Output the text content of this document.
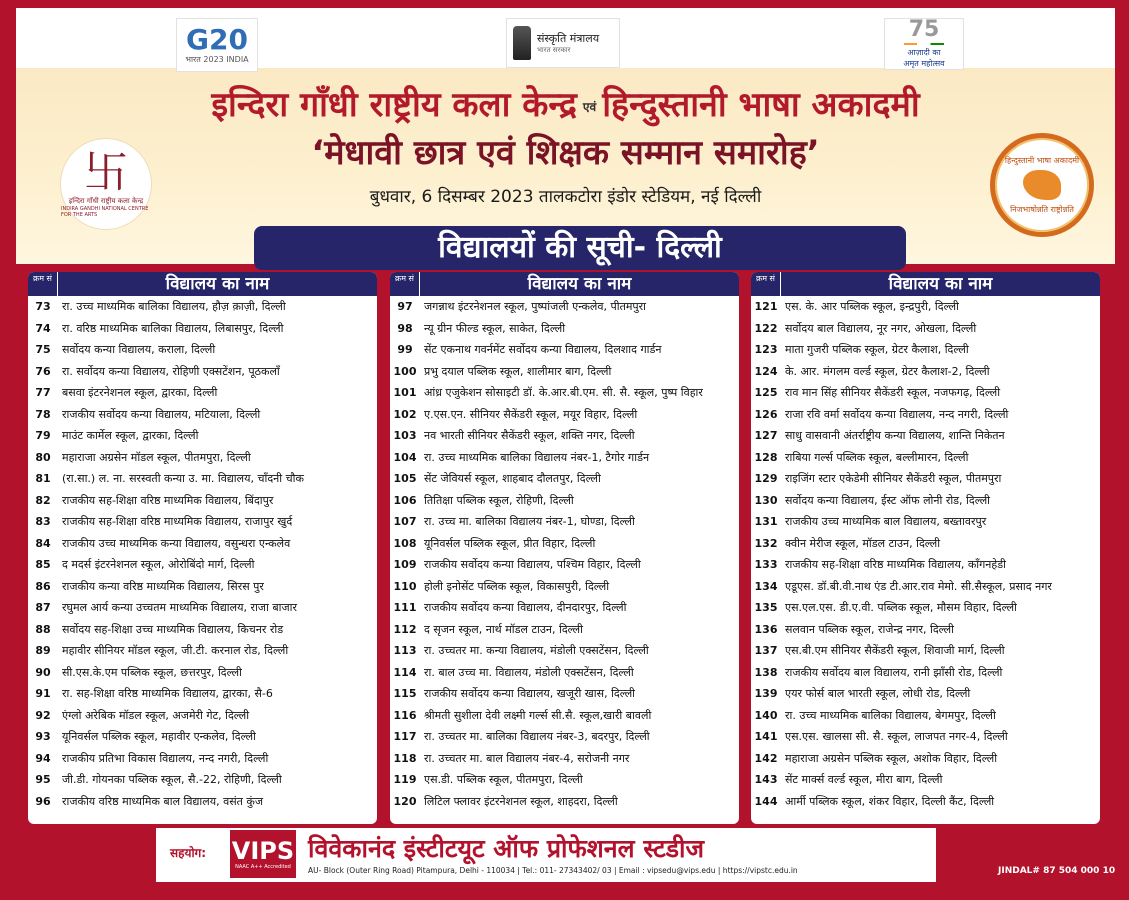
G20
भारत 2023 INDIA
संस्कृति मंत्रालय
भारत सरकार
75
आज़ादी का
अमृत महोत्सव
इन्दिरा गाँधी राष्ट्रीय कला केन्द्र एवं हिन्दुस्तानी भाषा अकादमी
‘मेधावी छात्र एवं शिक्षक सम्मान समारोह’
बुधवार, 6 दिसम्बर 2023 तालकटोरा इंडोर स्टेडियम, नई दिल्ली
卐
इन्दिरा गाँधी राष्ट्रीय कला केन्द्र
INDIRA GANDHI NATIONAL CENTRE FOR THE ARTS
हिन्दुस्तानी भाषा अकादमी
निजभाषोन्नति राष्ट्रोन्नति
विद्यालयों की सूची- दिल्ली
क्रम सं	विद्यालय का नाम
73	रा. उच्च माध्यमिक बालिका विद्यालय, हौज़ क़ाज़ी, दिल्ली
74	रा. वरिष्ठ माध्यमिक बालिका विद्यालय, लिबासपुर, दिल्ली
75	सर्वोदय कन्या विद्यालय, कराला, दिल्ली
76	रा. सर्वोदय कन्या विद्यालय, रोहिणी एक्सटेंशन, पूठकलाँ
77	बसवा इंटरनेशनल स्कूल, द्वारका, दिल्ली
78	राजकीय सर्वोदय कन्या विद्यालय, मटियाला, दिल्ली
79	माउंट कार्मेल स्कूल, द्वारका, दिल्ली
80	महाराजा अग्रसेन मॉडल स्कूल, पीतमपुरा, दिल्ली
81	(रा.सा.) ल. ना. सरस्वती कन्या उ. मा. विद्यालय, चाँदनी चौक
82	राजकीय सह-शिक्षा वरिष्ठ माध्यमिक विद्यालय, बिंदापुर
83	राजकीय सह-शिक्षा वरिष्ठ माध्यमिक विद्यालय, राजापुर खुर्द
84	राजकीय उच्च माध्यमिक कन्या विद्यालय, वसुन्धरा एन्कलेव
85	द मदर्स इंटरनेशनल स्कूल, ओरोबिंदो मार्ग, दिल्ली
86	राजकीय कन्या वरिष्ठ माध्यमिक विद्यालय, सिरस पुर
87	रघुमल आर्य कन्या उच्चतम माध्यमिक विद्यालय, राजा बाजार
88	सर्वोदय सह-शिक्षा उच्च माध्यमिक विद्यालय, किचनर रोड
89	महावीर सीनियर मॉडल स्कूल, जी.टी. करनाल रोड, दिल्ली
90	सी.एस.के.एम पब्लिक स्कूल, छत्तरपुर, दिल्ली
91	रा. सह-शिक्षा वरिष्ठ माध्यमिक विद्यालय, द्वारका, सै-6
92	एंग्लो अरेबिक मॉडल स्कूल, अजमेरी गेट, दिल्ली
93	यूनिवर्सल पब्लिक स्कूल, महावीर एन्कलेव, दिल्ली
94	राजकीय प्रतिभा विकास विद्यालय, नन्द नगरी, दिल्ली
95	जी.डी. गोयनका पब्लिक स्कूल, सै.-22, रोहिणी, दिल्ली
96	राजकीय वरिष्ठ माध्यमिक बाल विद्यालय, वसंत कुंज
क्रम सं	विद्यालय का नाम
97	जगन्नाथ इंटरनेशनल स्कूल, पुष्पांजली एन्कलेव, पीतमपुरा
98	न्यू ग्रीन फील्ड स्कूल, साकेत, दिल्ली
99	सेंट एकनाथ गवर्नमेंट सर्वोदय कन्या विद्यालय, दिलशाद गार्डन
100 प्रभु दयाल पब्लिक स्कूल, शालीमार बाग, दिल्ली
101 आंध्र एजुकेशन सोसाइटी डॉ. के.आर.बी.एम. सी. सै. स्कूल, पुष्प विहार
102 ए.एस.एन. सीनियर सैकेंडरी स्कूल, मयूर विहार, दिल्ली
103 नव भारती सीनियर सैकेंडरी स्कूल, शक्ति नगर, दिल्ली
104 रा. उच्च माध्यमिक बालिका विद्यालय नंबर-1, टैगोर गार्डन
105 सेंट जेवियर्स स्कूल, शाहबाद दौलतपुर, दिल्ली
106 तितिक्षा पब्लिक स्कूल, रोहिणी, दिल्ली
107 रा. उच्च मा. बालिका विद्यालय नंबर-1, घोण्डा, दिल्ली
108 यूनिवर्सल पब्लिक स्कूल, प्रीत विहार, दिल्ली
109 राजकीय सर्वोदय कन्या विद्यालय, पश्चिम विहार, दिल्ली
110 होली इनोसेंट पब्लिक स्कूल, विकासपुरी, दिल्ली
111 राजकीय सर्वोदय कन्या विद्यालय, दीनदारपुर, दिल्ली
112 द सृजन स्कूल, नार्थ मॉडल टाउन, दिल्ली
113 रा. उच्चतर मा. कन्या विद्यालय, मंडोली एक्सटेंसन, दिल्ली
114 रा. बाल उच्च मा. विद्यालय, मंडोली एक्सटेंसन, दिल्ली
115 राजकीय सर्वोदय कन्या विद्यालय, खजूरी खास, दिल्ली
116 श्रीमती सुशीला देवी लक्ष्मी गर्ल्स सी.सै. स्कूल,खारी बावली
117 रा. उच्चतर मा. बालिका विद्यालय नंबर-3, बदरपुर, दिल्ली
118 रा. उच्चतर मा. बाल विद्यालय नंबर-4, सरोजनी नगर
119 एस.डी. पब्लिक स्कूल, पीतमपुरा, दिल्ली
120 लिटिल फ्लावर इंटरनेशनल स्कूल, शाहदरा, दिल्ली
क्रम सं	विद्यालय का नाम
121 एस. के. आर पब्लिक स्कूल, इन्द्रपुरी, दिल्ली
122 सर्वोदय बाल विद्यालय, नूर नगर, ओखला, दिल्ली
123 माता गुजरी पब्लिक स्कूल, ग्रेटर कैलाश, दिल्ली
124 के. आर. मंगलम वर्ल्ड स्कूल, ग्रेटर कैलाश-2, दिल्ली
125 राव मान सिंह सीनियर सैकेंडरी स्कूल, नजफगढ़, दिल्ली
126 राजा रवि वर्मा सर्वोदय कन्या विद्यालय, नन्द नगरी, दिल्ली
127 साधु वासवानी अंतर्राष्ट्रीय कन्या विद्यालय, शान्ति निकेतन
128 राबिया गर्ल्स पब्लिक स्कूल, बल्लीमारन, दिल्ली
129 राइजिंग स्टार एकेडेमी सीनियर सैकेंडरी स्कूल, पीतमपुरा
130 सर्वोदय कन्या विद्यालय, ईस्ट ऑफ लोनी रोड, दिल्ली
131 राजकीय उच्च माध्यमिक बाल विद्यालय, बख्तावरपुर
132 क्वीन मेरीज स्कूल, मॉडल टाउन, दिल्ली
133 राजकीय सह-शिक्षा वरिष्ठ माध्यमिक विद्यालय, कॉंगनहेडी
134 एडूएस. डॉ.बी.वी.नाथ एंड टी.आर.राव मेमो. सी.सैस्कूल, प्रसाद नगर
135 एस.एल.एस. डी.ए.वी. पब्लिक स्कूल, मौसम विहार, दिल्ली
136 सलवान पब्लिक स्कूल, राजेन्द्र नगर, दिल्ली
137 एस.बी.एम सीनियर सैकेंडरी स्कूल, शिवाजी मार्ग, दिल्ली
138 राजकीय सर्वोदय बाल विद्यालय, रानी झाँसी रोड, दिल्ली
139 एयर फोर्स बाल भारती स्कूल, लोधी रोड, दिल्ली
140 रा. उच्च माध्यमिक बालिका विद्यालय, बेगमपुर, दिल्ली
141 एस.एस. खालसा सी. सै. स्कूल, लाजपत नगर-4, दिल्ली
142 महाराजा अग्रसेन पब्लिक स्कूल, अशोक विहार, दिल्ली
143 सेंट मार्क्स वर्ल्ड स्कूल, मीरा बाग, दिल्ली
144 आर्मी पब्लिक स्कूल, शंकर विहार, दिल्ली कैंट, दिल्ली
सहयोग: VIPS
NAAC A++ Accredited
विवेकानंद इंस्टीटयूट ऑफ प्रोफेशनल स्टडीज
AU- Block (Outer Ring Road) Pitampura, Delhi - 110034 | Tel.: 011- 27343402/ 03 | Email : vipsedu@vips.edu | https://vipstc.edu.in	JINDAL# 87 504 000 10
